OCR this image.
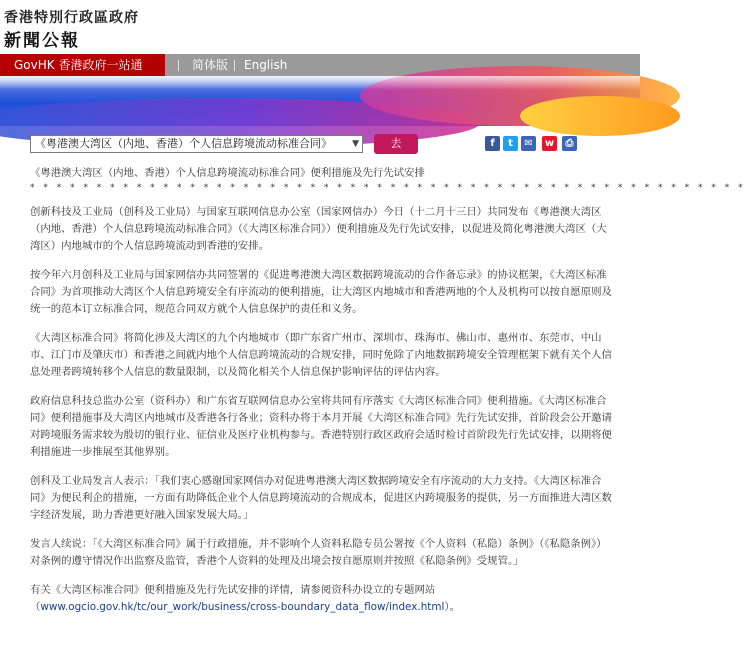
香港特別行政區政府
新聞公報
GovHK 香港政府一站通	简体版 English
《粤港澳大湾区（内地、香港）个人信息跨境流动标准合同》 ▼	去	f	t	✉	w	⎙

《粤港澳大湾区（内地、香港）个人信息跨境流动标准合同》便利措施及先行先试安排

* * * * * * * * * * * * * * * * * * * * * * * * * * * * * * * * * * * * * * * * * * * * * * * * * * * * * *

创新科技及工业局（创科及工业局）与国家互联网信息办公室（国家网信办）今日（十二月十三日）共同发布《粤港澳大湾区（内地、香港）个人信息跨境流动标准合同》（《大湾区标准合同》）便利措施及先行先试安排，以促进及简化粤港澳大湾区（大湾区）内地城市的个人信息跨境流动到香港的安排。

按今年六月创科及工业局与国家网信办共同签署的《促进粤港澳大湾区数据跨境流动的合作备忘录》的协议框架，《大湾区标准合同》为首项推动大湾区个人信息跨境安全有序流动的便利措施，让大湾区内地城市和香港两地的个人及机构可以按自愿原则及统一的范本订立标准合同，规范合同双方就个人信息保护的责任和义务。

《大湾区标准合同》将简化涉及大湾区的九个内地城市（即广东省广州市、深圳市、珠海市、佛山市、惠州市、东莞市、中山市、江门市及肇庆市）和香港之间就内地个人信息跨境流动的合规安排，同时免除了内地数据跨境安全管理框架下就有关个人信息处理者跨境转移个人信息的数量限制，以及简化相关个人信息保护影响评估的评估内容。

政府信息科技总监办公室（资科办）和广东省互联网信息办公室将共同有序落实《大湾区标准合同》便利措施。《大湾区标准合同》便利措施事及大湾区内地城市及香港各行各业；资科办将于本月开展《大湾区标准合同》先行先试安排，首阶段会公开邀请对跨境服务需求较为殷切的银行业、征信业及医疗业机构参与。香港特别行政区政府会适时检讨首阶段先行先试安排，以期将便利措施进一步推展至其他界别。

创科及工业局发言人表示：「我们衷心感谢国家网信办对促进粤港澳大湾区数据跨境安全有序流动的大力支持。《大湾区标准合同》为便民利企的措施，一方面有助降低企业个人信息跨境流动的合规成本，促进区内跨境服务的提供，另一方面推进大湾区数字经济发展，助力香港更好融入国家发展大局。」

发言人续说：「《大湾区标准合同》属于行政措施，并不影响个人资料私隐专员公署按《个人资料（私隐）条例》（《私隐条例》）对条例的遵守情况作出监察及监管，香港个人资料的处理及出境会按自愿原则并按照《私隐条例》受规管。」

有关《大湾区标准合同》便利措施及先行先试安排的详情，请参阅资科办设立的专题网站
（www.ogcio.gov.hk/tc/our_work/business/cross-boundary_data_flow/index.html）。
